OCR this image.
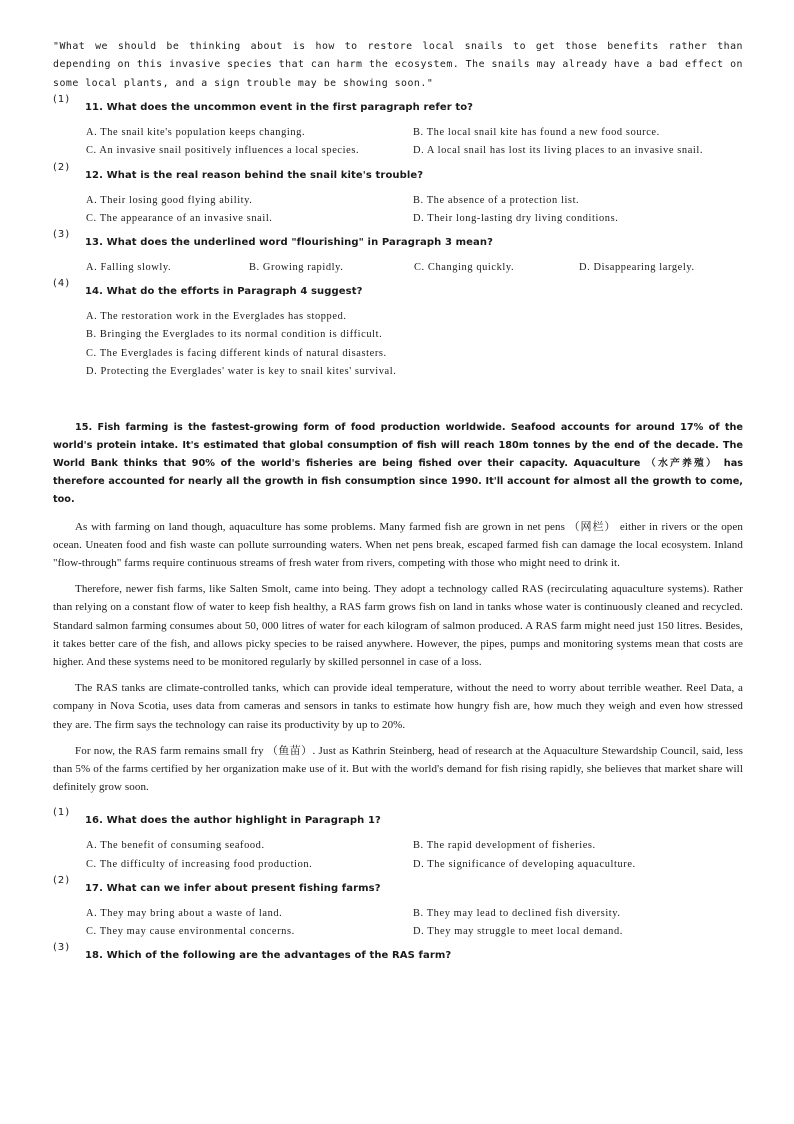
"What we should be thinking about is how to restore local snails to get those benefits rather than depending on this invasive species that can harm the ecosystem. The snails may already have a bad effect on some local plants, and a sign trouble may be showing soon."

(1)
11. What does the uncommon event in the first paragraph refer to?
A. The snail kite's population keeps changing.	B. The local snail kite has found a new food source.
C. An invasive snail positively influences a local species.	D. A local snail has lost its living places to an invasive snail.
(2)
12. What is the real reason behind the snail kite's trouble?
A. Their losing good flying ability.	B. The absence of a protection list.
C. The appearance of an invasive snail.	D. Their long-lasting dry living conditions.
(3)
13. What does the underlined word "flourishing" in Paragraph 3 mean?
A. Falling slowly.	B. Growing rapidly.	C. Changing quickly.	D. Disappearing largely.
(4)
14. What do the efforts in Paragraph 4 suggest?
A. The restoration work in the Everglades has stopped.
B. Bringing the Everglades to its normal condition is difficult.
C. The Everglades is facing different kinds of natural disasters.
D. Protecting the Everglades' water is key to snail kites' survival.

15. Fish farming is the fastest-growing form of food production worldwide. Seafood accounts for around 17% of the world's protein intake. It's estimated that global consumption of fish will reach 180m tonnes by the end of the decade. The World Bank thinks that 90% of the world's fisheries are being fished over their capacity. Aquaculture （水产养殖） has therefore accounted for nearly all the growth in fish consumption since 1990. It'll account for almost all the growth to come, too.

As with farming on land though, aquaculture has some problems. Many farmed fish are grown in net pens （网栏） either in rivers or the open ocean. Uneaten food and fish waste can pollute surrounding waters. When net pens break, escaped farmed fish can damage the local ecosystem. Inland "flow-through" farms require continuous streams of fresh water from rivers, competing with those who might need to drink it.

Therefore, newer fish farms, like Salten Smolt, came into being. They adopt a technology called RAS (recirculating aquaculture systems). Rather than relying on a constant flow of water to keep fish healthy, a RAS farm grows fish on land in tanks whose water is continuously cleaned and recycled. Standard salmon farming consumes about 50, 000 litres of water for each kilogram of salmon produced. A RAS farm might need just 150 litres. Besides, it takes better care of the fish, and allows picky species to be raised anywhere. However, the pipes, pumps and monitoring systems mean that costs are higher. And these systems need to be monitored regularly by skilled personnel in case of a loss.

The RAS tanks are climate-controlled tanks, which can provide ideal temperature, without the need to worry about terrible weather. Reel Data, a company in Nova Scotia, uses data from cameras and sensors in tanks to estimate how hungry fish are, how much they weigh and even how stressed they are. The firm says the technology can raise its productivity by up to 20%.

For now, the RAS farm remains small fry （鱼苗）. Just as Kathrin Steinberg, head of research at the Aquaculture Stewardship Council, said, less than 5% of the farms certified by her organization make use of it. But with the world's demand for fish rising rapidly, she believes that market share will definitely grow soon.

(1)
16. What does the author highlight in Paragraph 1?
A. The benefit of consuming seafood.	B. The rapid development of fisheries.
C. The difficulty of increasing food production.	D. The significance of developing aquaculture.
(2)
17. What can we infer about present fishing farms?
A. They may bring about a waste of land.	B. They may lead to declined fish diversity.
C. They may cause environmental concerns.	D. They may struggle to meet local demand.
(3)
18. Which of the following are the advantages of the RAS farm?
